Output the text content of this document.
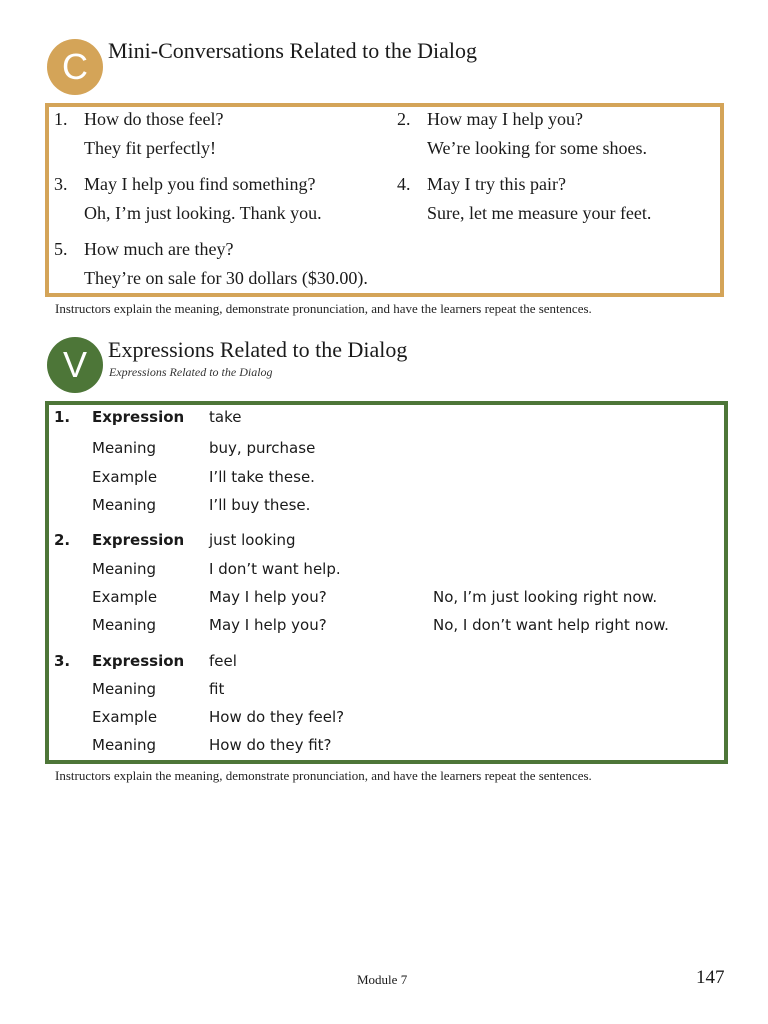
C Mini-Conversations Related to the Dialog
1. How do those feel?
They fit perfectly!
2. How may I help you?
We’re looking for some shoes.
3. May I help you find something?
Oh, I’m just looking. Thank you.
4. May I try this pair?
Sure, let me measure your feet.
5. How much are they?
They’re on sale for 30 dollars ($30.00).
Instructors explain the meaning, demonstrate pronunciation, and have the learners repeat the sentences.
V Expressions Related to the Dialog
Expressions Related to the Dialog
1. Expression take
Meaning	buy, purchase
Example	I’ll take these.
Meaning	I’ll buy these.
2. Expression just looking
Meaning	I don’t want help.
Example	May I help you?	No, I’m just looking right now.
Meaning	May I help you?	No, I don’t want help right now.
3. Expression feel
Meaning	fit
Example	How do they feel?
Meaning	How do they fit?
Instructors explain the meaning, demonstrate pronunciation, and have the learners repeat the sentences.
Module 7	147
